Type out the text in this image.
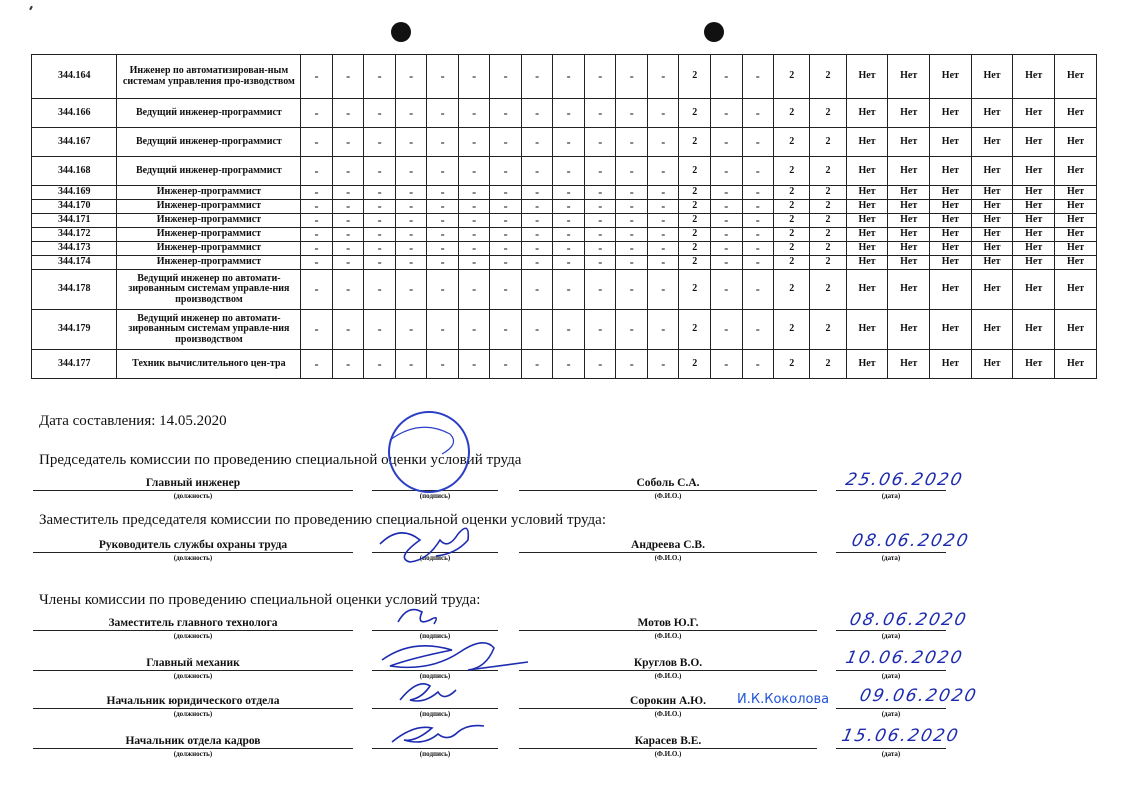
344.164	Инженер по автоматизирован-ным системам управления про-изводством	-	-	-	-	-	-	-	-	-	-	-	-	2	-	-	2	2	Нет	Нет	Нет	Нет	Нет	Нет
344.166	Ведущий инженер-программист	-	-	-	-	-	-	-	-	-	-	-	-	2	-	-	2	2	Нет	Нет	Нет	Нет	Нет	Нет
344.167	Ведущий инженер-программист	-	-	-	-	-	-	-	-	-	-	-	-	2	-	-	2	2	Нет	Нет	Нет	Нет	Нет	Нет
344.168	Ведущий инженер-программист	-	-	-	-	-	-	-	-	-	-	-	-	2	-	-	2	2	Нет	Нет	Нет	Нет	Нет	Нет
344.169	Инженер-программист	-	-	-	-	-	-	-	-	-	-	-	-	2	-	-	2	2	Нет	Нет	Нет	Нет	Нет	Нет
344.170	Инженер-программист	-	-	-	-	-	-	-	-	-	-	-	-	2	-	-	2	2	Нет	Нет	Нет	Нет	Нет	Нет
344.171	Инженер-программист	-	-	-	-	-	-	-	-	-	-	-	-	2	-	-	2	2	Нет	Нет	Нет	Нет	Нет	Нет
344.172	Инженер-программист	-	-	-	-	-	-	-	-	-	-	-	-	2	-	-	2	2	Нет	Нет	Нет	Нет	Нет	Нет
344.173	Инженер-программист	-	-	-	-	-	-	-	-	-	-	-	-	2	-	-	2	2	Нет	Нет	Нет	Нет	Нет	Нет
344.174	Инженер-программист	-	-	-	-	-	-	-	-	-	-	-	-	2	-	-	2	2	Нет	Нет	Нет	Нет	Нет	Нет
344.178	Ведущий инженер по автомати-зированным системам управле-ния производством	-	-	-	-	-	-	-	-	-	-	-	-	2	-	-	2	2	Нет	Нет	Нет	Нет	Нет	Нет
344.179	Ведущий инженер по автомати-зированным системам управле-ния производством	-	-	-	-	-	-	-	-	-	-	-	-	2	-	-	2	2	Нет	Нет	Нет	Нет	Нет	Нет
344.177	Техник вычислительного цен-тра	-	-	-	-	-	-	-	-	-	-	-	-	2	-	-	2	2	Нет	Нет	Нет	Нет	Нет	Нет
Дата составления: 14.05.2020
Председатель комиссии по проведению специальной оценки условий труда
Главный инженер
(должность)	(подпись)
Соболь С.А.
(Ф.И.О.)	(дата)
25.06.2020
Заместитель председателя комиссии по проведению специальной оценки условий труда:
Руководитель службы охраны труда
(должность)	(подпись)
Андреева С.В.
(Ф.И.О.)	(дата)
08.06.2020
Члены комиссии по проведению специальной оценки условий труда:
Заместитель главного технолога
(должность)	(подпись)
Мотов Ю.Г.
(Ф.И.О.)	(дата)
08.06.2020
Главный механик
(должность)	(подпись)
Круглов В.О.
(Ф.И.О.)	(дата)
10.06.2020
Начальник юридического отдела
(должность)	(подпись)
Сорокин А.Ю.
(Ф.И.О.)	(дата)
09.06.2020
И.К.Коколова
Начальник отдела кадров
(должность)	(подпись)
Карасев В.Е.
(Ф.И.О.)	(дата)
15.06.2020
